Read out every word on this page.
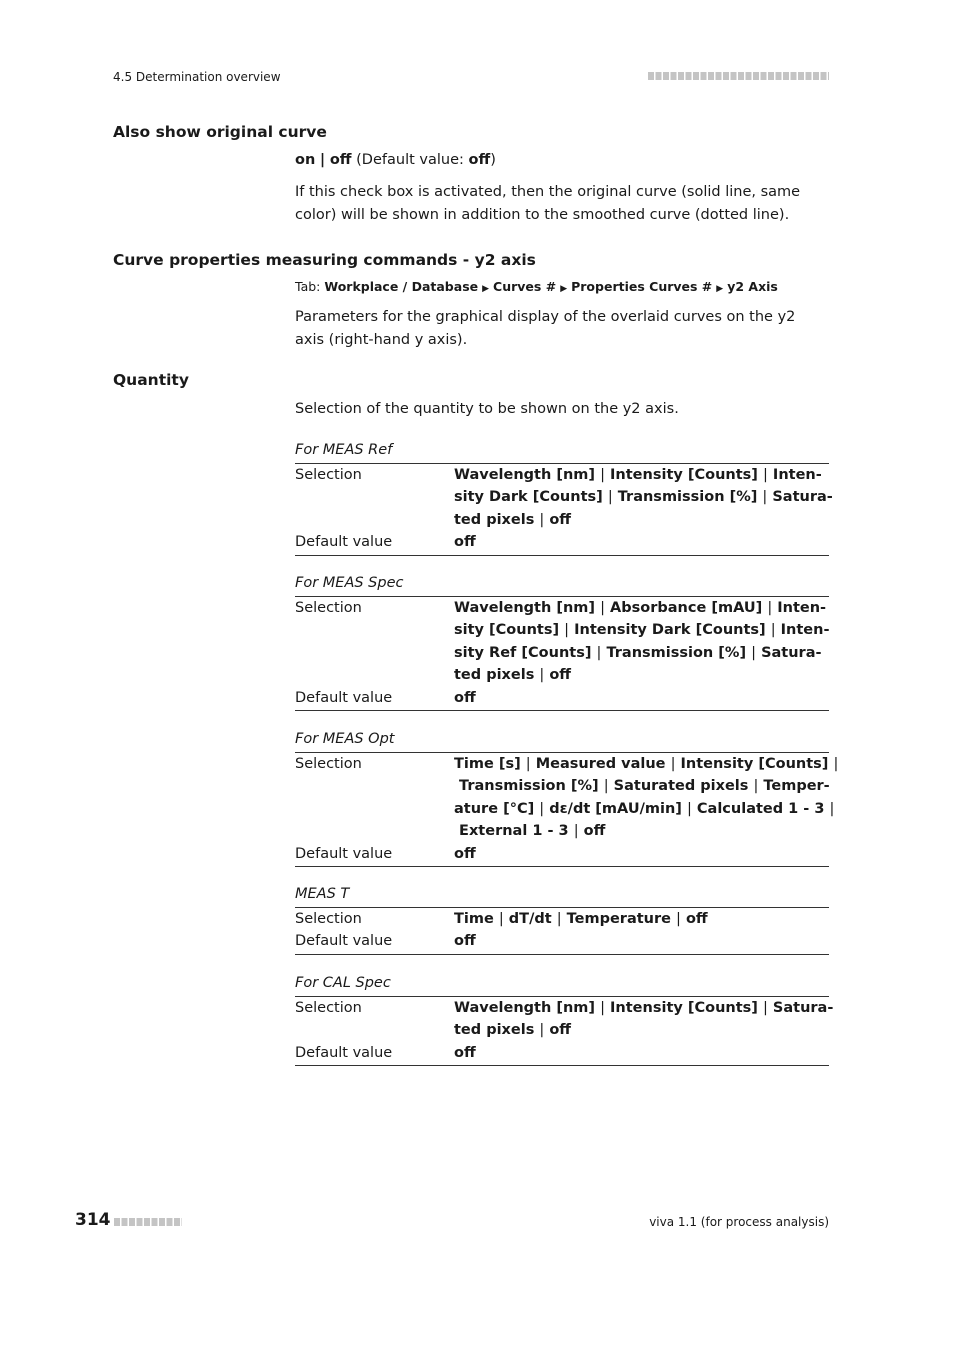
4.5 Determination overview
Also show original curve
on | off (Default value: off)
If this check box is activated, then the original curve (solid line, same color) will be shown in addition to the smoothed curve (dotted line).
Curve properties measuring commands - y2 axis
Tab: Workplace / Database ▶ Curves # ▶ Properties Curves # ▶ y2 Axis
Parameters for the graphical display of the overlaid curves on the y2 axis (right-hand y axis).
Quantity
Selection of the quantity to be shown on the y2 axis.
For MEAS Ref
Selection	Wavelength [nm] | Intensity [Counts] | Inten-
sity Dark [Counts] | Transmission [%] | Satura-
ted pixels | off
Default value	off
For MEAS Spec
Selection	Wavelength [nm] | Absorbance [mAU] | Inten-
sity [Counts] | Intensity Dark [Counts] | Inten-
sity Ref [Counts] | Transmission [%] | Satura-
ted pixels | off
Default value	off
For MEAS Opt
Selection	Time [s] | Measured value | Intensity [Counts] |
Transmission [%] | Saturated pixels | Temper-
ature [°C] | dε/dt [mAU/min] | Calculated 1 - 3 |
External 1 - 3 | off
Default value	off
MEAS T
Selection	Time | dT/dt | Temperature | off
Default value	off
For CAL Spec
Selection	Wavelength [nm] | Intensity [Counts] | Satura-
ted pixels | off
Default value	off
314	viva 1.1 (for process analysis)
